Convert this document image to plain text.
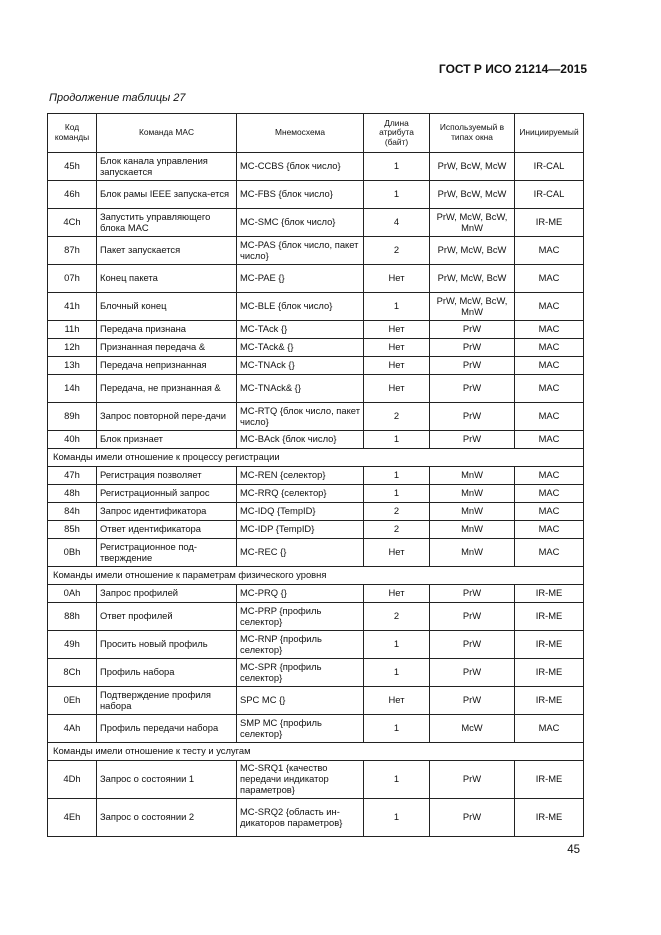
ГОСТ Р ИСО 21214—2015
Продолжение таблицы 27
Код команды	Команда MAC	Мнемосхема	Длина атрибута (байт)	Используемый в типах окна	Инициируемый
45h	Блок канала управления запускается	MC-CCBS {блок число}	1	PrW, BcW, McW	IR-CAL
46h	Блок рамы IEEE запуска-ется	MC-FBS {блок число}	1	PrW, BcW, McW	IR-CAL
4Ch	Запустить управляющего блока MAC	MC-SMC {блок число}	4	PrW, McW, BcW, MnW	IR-ME
87h	Пакет запускается	MC-PAS {блок число, пакет число}	2	PrW, McW, BcW	MAC
07h	Конец пакета	MC-PAE {}	Нет	PrW, McW, BcW	MAC
41h	Блочный конец	MC-BLE {блок число}	1	PrW, McW, BcW, MnW	MAC
11h	Передача признана	MC-TAck {}	Нет	PrW	MAC
12h	Признанная передача &	MC-TAck& {}	Нет	PrW	MAC
13h	Передача непризнанная	MC-TNAck {}	Нет	PrW	MAC
14h	Передача, не признанная &	MC-TNAck& {}	Нет	PrW	MAC
89h	Запрос повторной пере-дачи	MC-RTQ {блок число, пакет число}	2	PrW	MAC
40h	Блок признает	MC-BAck {блок число}	1	PrW	MAC
Команды имели отношение к процессу регистрации					
47h	Регистрация позволяет	MC-REN {селектор}	1	MnW	MAC
48h	Регистрационный запрос	MC-RRQ {селектор}	1	MnW	MAC
84h	Запрос идентификатора	MC-IDQ {TempID}	2	MnW	MAC
85h	Ответ идентификатора	MC-IDP {TempID}	2	MnW	MAC
0Bh	Регистрационное под-тверждение	MC-REC {}	Нет	MnW	MAC
Команды имели отношение к параметрам физического уровня					
0Ah	Запрос профилей	MC-PRQ {}	Нет	PrW	IR-ME
88h	Ответ профилей	MC-PRP {профиль селектор}	2	PrW	IR-ME
49h	Просить новый профиль	MC-RNP {профиль селектор}	1	PrW	IR-ME
8Ch	Профиль набора	MC-SPR {профиль селектор}	1	PrW	IR-ME
0Eh	Подтверждение профиля набора	SPC MC {}	Нет	PrW	IR-ME
4Ah	Профиль передачи набора	SMP MC {профиль селектор}	1	McW	MAC
Команды имели отношение к тесту и услугам					
4Dh	Запрос о состоянии 1	MC-SRQ1 {качество передачи индикатор параметров}	1	PrW	IR-ME
4Eh	Запрос о состоянии 2	MC-SRQ2 {область ин-дикаторов параметров}	1	PrW	IR-ME
45
